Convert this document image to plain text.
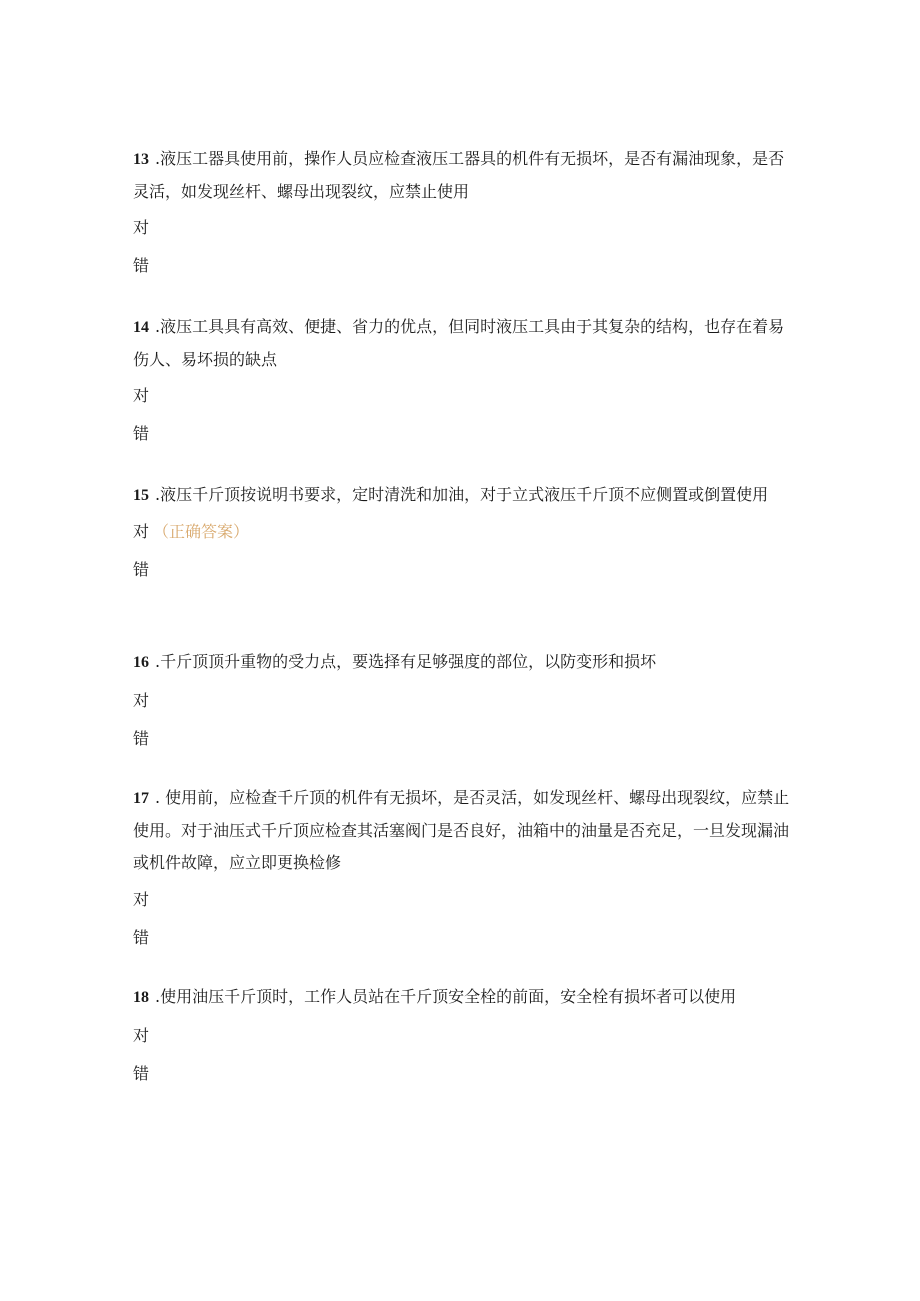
13 .液压工器具使用前，操作人员应检查液压工器具的机件有无损坏，是否有漏油现象，是否灵活，如发现丝杆、螺母出现裂纹，应禁止使用

对
错

14 .液压工具具有高效、便捷、省力的优点，但同时液压工具由于其复杂的结构，也存在着易伤人、易坏损的缺点

对
错

15 .液压千斤顶按说明书要求，定时清洗和加油，对于立式液压千斤顶不应侧置或倒置使用

对 （正确答案）
错

16 .千斤顶顶升重物的受力点，要选择有足够强度的部位，以防变形和损坏

对
错

17 . 使用前，应检查千斤顶的机件有无损坏，是否灵活，如发现丝杆、螺母出现裂纹，应禁止使用。对于油压式千斤顶应检查其活塞阀门是否良好，油箱中的油量是否充足，一旦发现漏油或机件故障，应立即更换检修

对
错

18 .使用油压千斤顶时，工作人员站在千斤顶安全栓的前面，安全栓有损坏者可以使用

对
错
